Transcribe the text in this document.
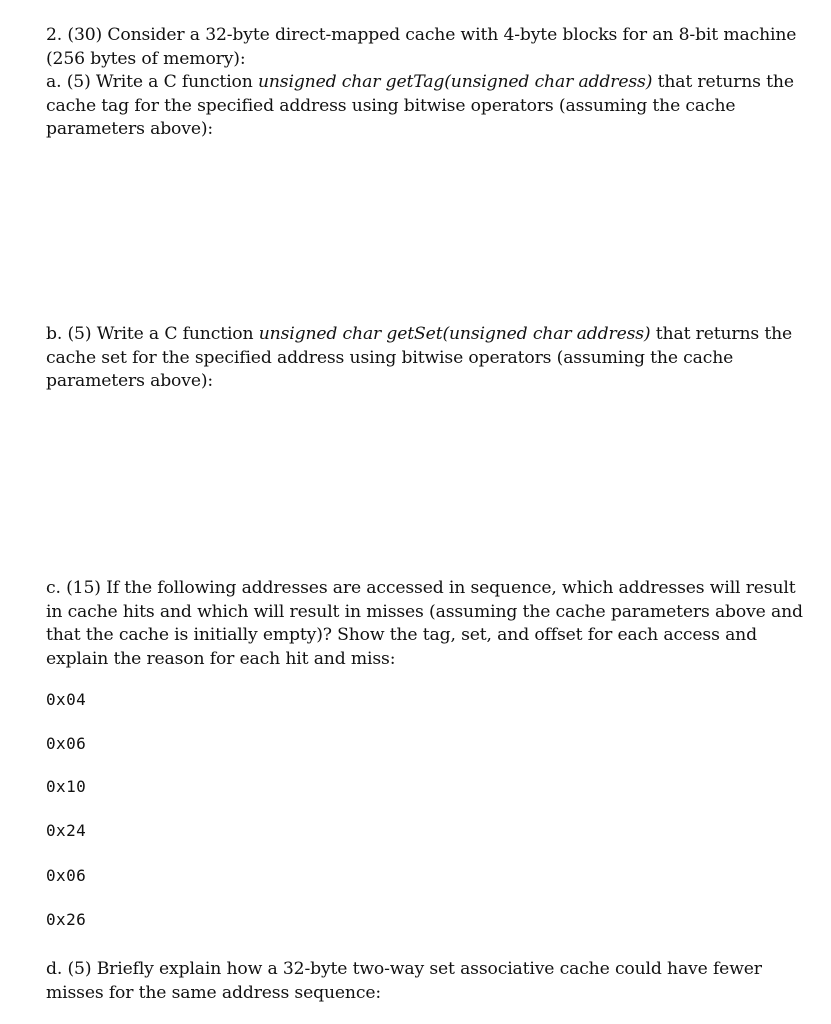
2. (30) Consider a 32-byte direct-mapped cache with 4-byte blocks for an 8-bit machine (256 bytes of memory):
a. (5) Write a C function unsigned char getTag(unsigned char address) that returns the cache tag for the specified address using bitwise operators (assuming the cache parameters above):

b. (5) Write a C function unsigned char getSet(unsigned char address) that returns the cache set for the specified address using bitwise operators (assuming the cache parameters above):

c. (15) If the following addresses are accessed in sequence, which addresses will result in cache hits and which will result in misses (assuming the cache parameters above and that the cache is initially empty)? Show the tag, set, and offset for each access and explain the reason for each hit and miss:

0x04

0x06

0x10

0x24

0x06

0x26

d. (5) Briefly explain how a 32-byte two-way set associative cache could have fewer misses for the same address sequence:
